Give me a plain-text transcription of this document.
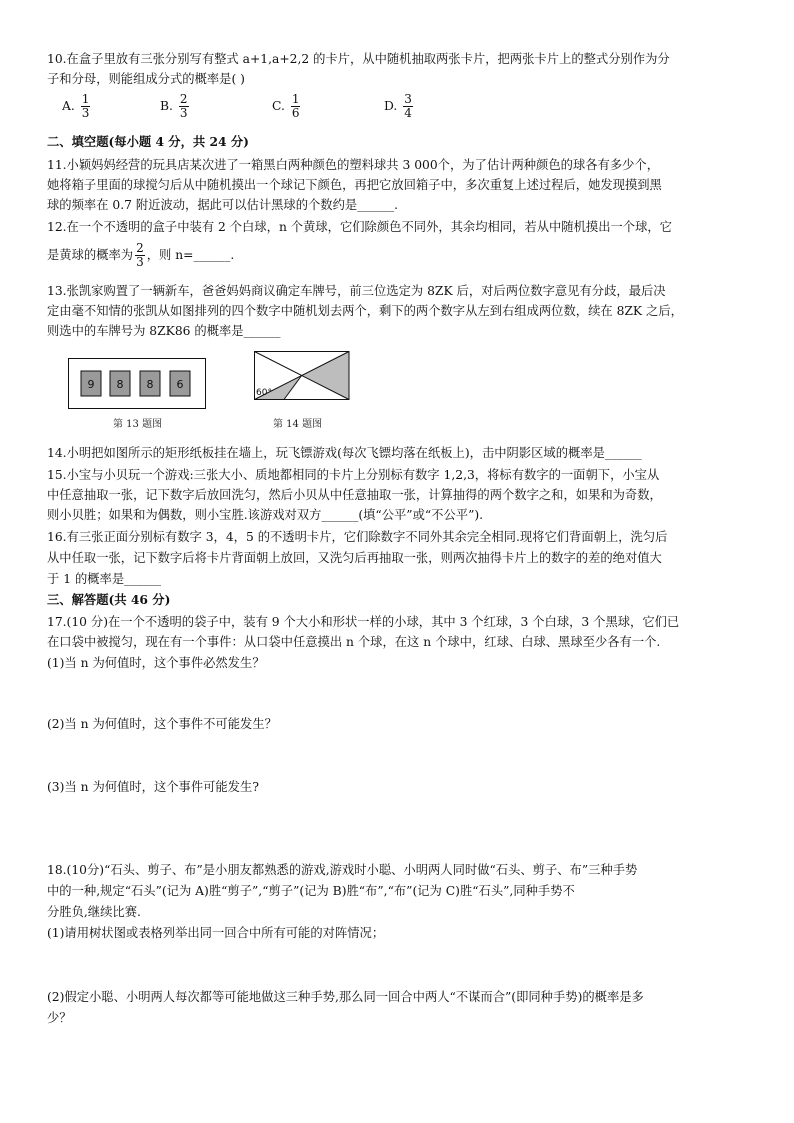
10.在盒子里放有三张分别写有整式 a+1,a+2,2 的卡片，从中随机抽取两张卡片，把两张卡片上的整式分别作为分
子和分母，则能组成分式的概率是( )
A. $\frac{1}{3}$	B. $\frac{2}{3}$	C. $\frac{1}{6}$	D. $\frac{3}{4}$
二、填空题(每小题 4 分，共 24 分)
11.小颖妈妈经营的玩具店某次进了一箱黑白两种颜色的塑料球共 3 000个，为了估计两种颜色的球各有多少个，
她将箱子里面的球搅匀后从中随机摸出一个球记下颜色，再把它放回箱子中，多次重复上述过程后，她发现摸到黑
球的频率在 0.7 附近波动，据此可以估计黑球的个数约是______.
12.在一个不透明的盒子中装有 2 个白球，n 个黄球，它们除颜色不同外，其余均相同，若从中随机摸出一个球，它
是黄球的概率为 $\frac{2}{3}$ ，则 n=______.
13.张凯家购置了一辆新车，爸爸妈妈商议确定车牌号，前三位选定为 8ZK 后，对后两位数字意见有分歧，最后决
定由毫不知情的张凯从如图排列的四个数字中随机划去两个，剩下的两个数字从左到右组成两位数，续在 8ZK 之后，
则选中的车牌号为 8ZK86 的概率是______
9 8 8 6
第 13 题图
60°
第 14 题图
14.小明把如图所示的矩形纸板挂在墙上，玩飞镖游戏(每次飞镖均落在纸板上)，击中阴影区域的概率是______
15.小宝与小贝玩一个游戏:三张大小、质地都相同的卡片上分别标有数字 1,2,3，将标有数字的一面朝下，小宝从
中任意抽取一张，记下数字后放回洗匀，然后小贝从中任意抽取一张，计算抽得的两个数字之和，如果和为奇数，
则小贝胜；如果和为偶数，则小宝胜.该游戏对双方______(填“公平”或“不公平”).
16.有三张正面分别标有数字 3，4，5 的不透明卡片，它们除数字不同外其余完全相同.现将它们背面朝上，洗匀后
从中任取一张，记下数字后将卡片背面朝上放回，又洗匀后再抽取一张，则两次抽得卡片上的数字的差的绝对值大
于 1 的概率是______
三、解答题(共 46 分)
17.(10 分)在一个不透明的袋子中，装有 9 个大小和形状一样的小球，其中 3 个红球，3 个白球，3 个黑球，它们已
在口袋中被搅匀，现在有一个事件：从口袋中任意摸出 n 个球，在这 n 个球中，红球、白球、黑球至少各有一个.
(1)当 n 为何值时，这个事件必然发生？
(2)当 n 为何值时，这个事件不可能发生？
(3)当 n 为何值时，这个事件可能发生?
18.(10分)“石头、剪子、布”是小朋友都熟悉的游戏,游戏时小聪、小明两人同时做“石头、剪子、布”三种手势
中的一种,规定“石头”(记为 A)胜“剪子”,“剪子”(记为 B)胜“布”,“布”(记为 C)胜“石头”,同种手势不
分胜负,继续比赛.
(1)请用树状图或表格列举出同一回合中所有可能的对阵情况；
(2)假定小聪、小明两人每次都等可能地做这三种手势,那么同一回合中两人“不谋而合”(即同种手势)的概率是多
少？
